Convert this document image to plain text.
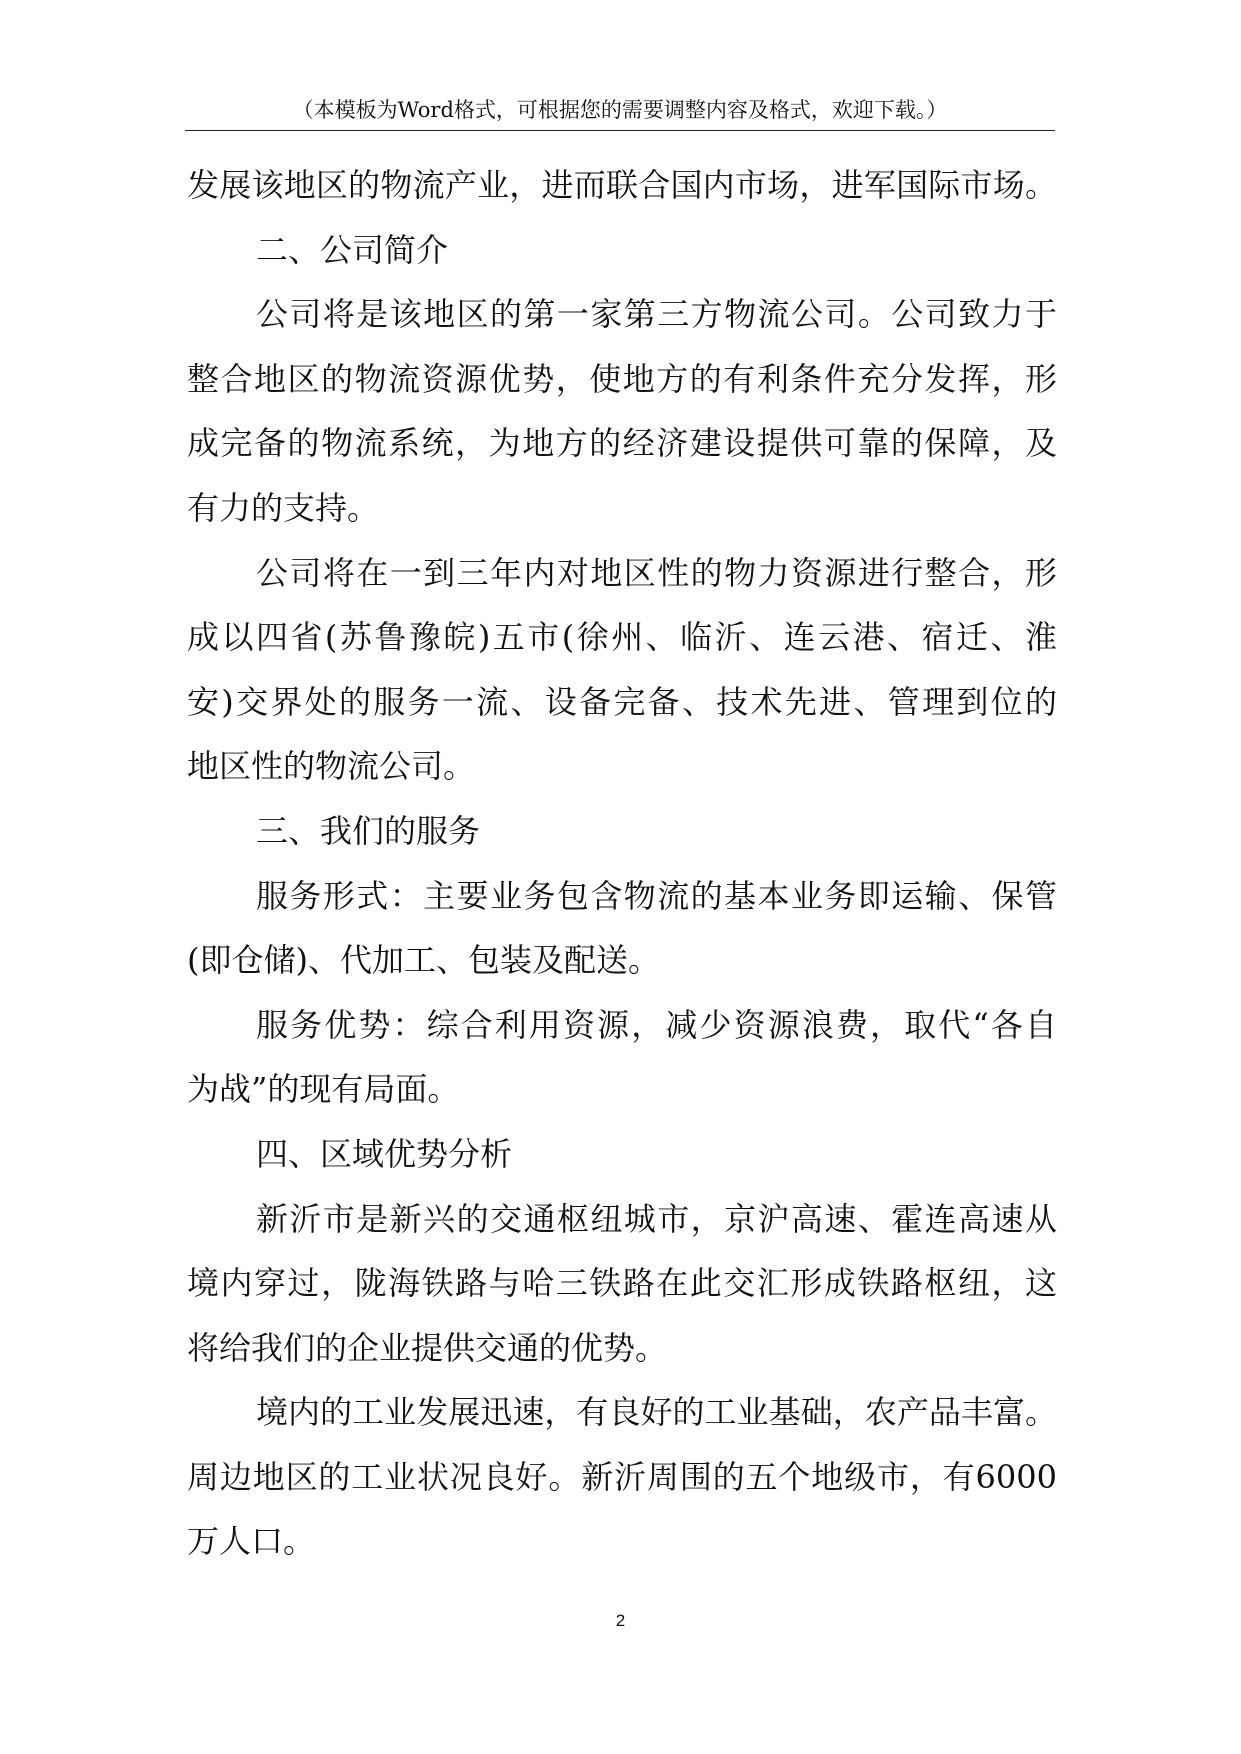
（本模板为Word格式，可根据您的需要调整内容及格式，欢迎下载。）
发展该地区的物流产业，进而联合国内市场，进军国际市场。
二、公司简介
公司将是该地区的第一家第三方物流公司。公司致力于
整合地区的物流资源优势，使地方的有利条件充分发挥，形
成完备的物流系统，为地方的经济建设提供可靠的保障，及
有力的支持。
公司将在一到三年内对地区性的物力资源进行整合，形
成以四省(苏鲁豫皖)五市(徐州、临沂、连云港、宿迁、淮
安)交界处的服务一流、设备完备、技术先进、管理到位的
地区性的物流公司。
三、我们的服务
服务形式：主要业务包含物流的基本业务即运输、保管
(即仓储)、代加工、包装及配送。
服务优势：综合利用资源，减少资源浪费，取代“各自
为战”的现有局面。
四、区域优势分析
新沂市是新兴的交通枢纽城市，京沪高速、霍连高速从
境内穿过，陇海铁路与哈三铁路在此交汇形成铁路枢纽，这
将给我们的企业提供交通的优势。
境内的工业发展迅速，有良好的工业基础，农产品丰富。
周边地区的工业状况良好。新沂周围的五个地级市，有6000
万人口。
2
